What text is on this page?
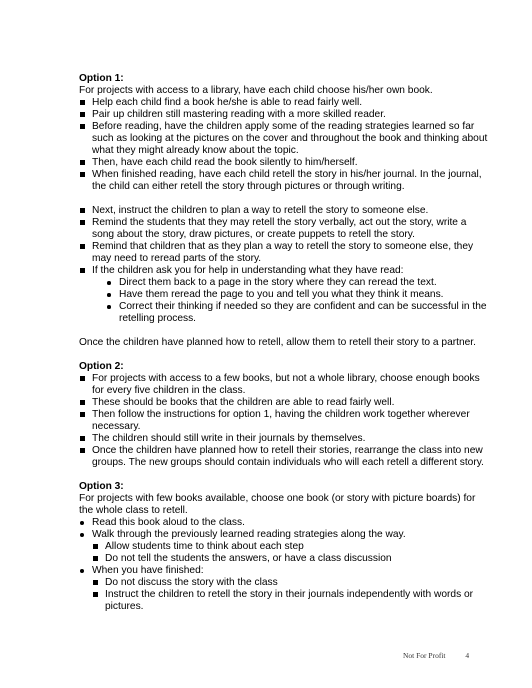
Option 1:

For projects with access to a library, have each child choose his/her own book.

Help each child find a book he/she is able to read fairly well.
Pair up children still mastering reading with a more skilled reader.
Before reading, have the children apply some of the reading strategies learned so far such as looking at the pictures on the cover and throughout the book and thinking about what they might already know about the topic.
Then, have each child read the book silently to him/herself.
When finished reading, have each child retell the story in his/her journal. In the journal, the child can either retell the story through pictures or through writing.
Next, instruct the children to plan a way to retell the story to someone else.
Remind the students that they may retell the story verbally, act out the story, write a song about the story, draw pictures, or create puppets to retell the story.
Remind that children that as they plan a way to retell the story to someone else, they may need to reread parts of the story.
If the children ask you for help in understanding what they have read:
Direct them back to a page in the story where they can reread the text.
Have them reread the page to you and tell you what they think it means.
Correct their thinking if needed so they are confident and can be successful in the retelling process.

Once the children have planned how to retell, allow them to retell their story to a partner.

Option 2:

For projects with access to a few books, but not a whole library, choose enough books for every five children in the class.
These should be books that the children are able to read fairly well.
Then follow the instructions for option 1, having the children work together wherever necessary.
The children should still write in their journals by themselves.
Once the children have planned how to retell their stories, rearrange the class into new groups. The new groups should contain individuals who will each retell a different story.

Option 3:

For projects with few books available, choose one book (or story with picture boards) for the whole class to retell.

Read this book aloud to the class.
Walk through the previously learned reading strategies along the way.
Allow students time to think about each step
Do not tell the students the answers, or have a class discussion
When you have finished:
Do not discuss the story with the class
Instruct the children to retell the story in their journals independently with words or pictures.
Not For Profit	4
